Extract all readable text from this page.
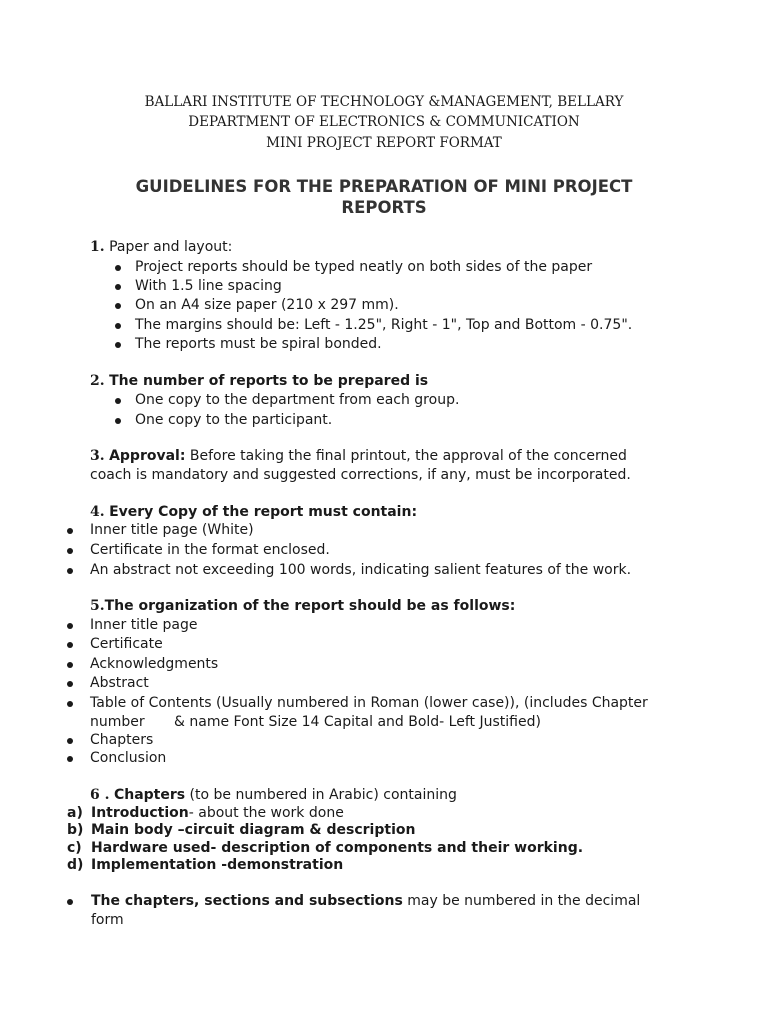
BALLARI INSTITUTE OF TECHNOLOGY &MANAGEMENT, BELLARY
DEPARTMENT OF ELECTRONICS & COMMUNICATION
MINI PROJECT REPORT FORMAT
GUIDELINES FOR THE PREPARATION OF MINI PROJECT
REPORTS
1. Paper and layout:
Project reports should be typed neatly on both sides of the paper
With 1.5 line spacing
On an A4 size paper (210 x 297 mm).
The margins should be: Left - 1.25", Right - 1", Top and Bottom - 0.75".
The reports must be spiral bonded.
2. The number of reports to be prepared is
One copy to the department from each group.
One copy to the participant.
3. Approval: Before taking the final printout, the approval of the concerned
coach is mandatory and suggested corrections, if any, must be incorporated.
4. Every Copy of the report must contain:
Inner title page (White)
Certificate in the format enclosed.
An abstract not exceeding 100 words, indicating salient features of the work.
5.The organization of the report should be as follows:
Inner title page
Certificate
Acknowledgments
Abstract
Table of Contents (Usually numbered in Roman (lower case)), (includes Chapter
number & name Font Size 14 Capital and Bold- Left Justified)
Chapters
Conclusion
6 . Chapters (to be numbered in Arabic) containing
a) Introduction- about the work done
b) Main body –circuit diagram & description
c) Hardware used- description of components and their working.
d) Implementation -demonstration
The chapters, sections and subsections may be numbered in the decimal
form
